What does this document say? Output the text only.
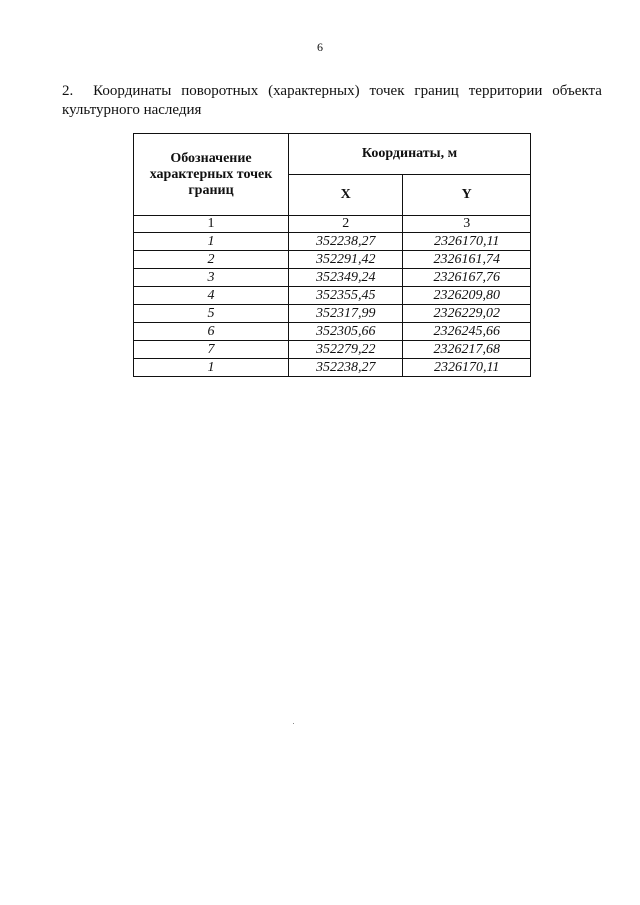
6
2. Координаты поворотных (характерных) точек границ территории объекта
культурного наследия
Обозначение характерных точек границ	Координаты, м	
	X	Y
1	2	3
1	352238,27	2326170,11
2	352291,42	2326161,74
3	352349,24	2326167,76
4	352355,45	2326209,80
5	352317,99	2326229,02
6	352305,66	2326245,66
7	352279,22	2326217,68
1	352238,27	2326170,11
